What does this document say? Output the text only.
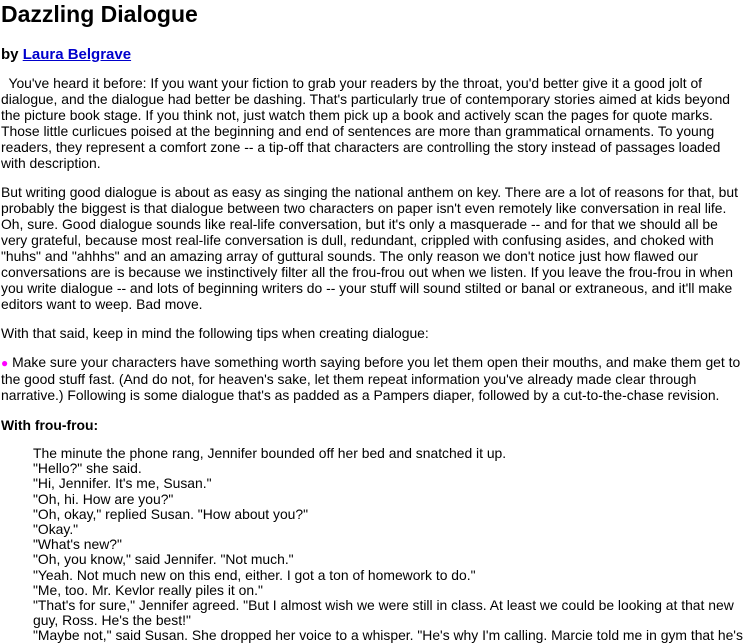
Dazzling Dialogue
by Laura Belgrave

You've heard it before: If you want your fiction to grab your readers by the throat, you'd better give it a good jolt of dialogue, and the dialogue had better be dashing. That's particularly true of contemporary stories aimed at kids beyond the picture book stage. If you think not, just watch them pick up a book and actively scan the pages for quote marks. Those little curlicues poised at the beginning and end of sentences are more than grammatical ornaments. To young readers, they represent a comfort zone -- a tip-off that characters are controlling the story instead of passages loaded with description.

But writing good dialogue is about as easy as singing the national anthem on key. There are a lot of reasons for that, but probably the biggest is that dialogue between two characters on paper isn't even remotely like conversation in real life. Oh, sure. Good dialogue sounds like real-life conversation, but it's only a masquerade -- and for that we should all be very grateful, because most real-life conversation is dull, redundant, crippled with confusing asides, and choked with "huhs" and "ahhhs" and an amazing array of guttural sounds. The only reason we don't notice just how flawed our conversations are is because we instinctively filter all the frou-frou out when we listen. If you leave the frou-frou in when you write dialogue -- and lots of beginning writers do -- your stuff will sound stilted or banal or extraneous, and it'll make editors want to weep. Bad move.

With that said, keep in mind the following tips when creating dialogue:

● Make sure your characters have something worth saying before you let them open their mouths, and make them get to the good stuff fast. (And do not, for heaven's sake, let them repeat information you've already made clear through narrative.) Following is some dialogue that's as padded as a Pampers diaper, followed by a cut-to-the-chase revision.

With frou-frou:

The minute the phone rang, Jennifer bounded off her bed and snatched it up.
"Hello?" she said.
"Hi, Jennifer. It's me, Susan."
"Oh, hi. How are you?"
"Oh, okay," replied Susan. "How about you?"
"Okay."
"What's new?"
"Oh, you know," said Jennifer. "Not much."
"Yeah. Not much new on this end, either. I got a ton of homework to do."
"Me, too. Mr. Kevlor really piles it on."
"That's for sure," Jennifer agreed. "But I almost wish we were still in class. At least we could be looking at that new guy, Ross. He's the best!"
"Maybe not," said Susan. She dropped her voice to a whisper. "He's why I'm calling. Marcie told me in gym that he's
